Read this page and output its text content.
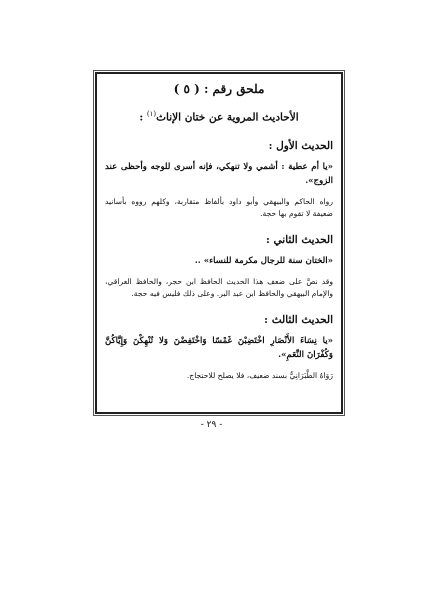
ملحق رقم : ( ٥ )
الأحاديث المروية عن ختان الإناث$^{(١)}$ :
الحديث الأول :
«يا أم عطية : أشمي ولا تنهكي، فإنه أسرى للوجه وأحظى عند الزوج».
رواه الحاكم والبيهقي وأبو داود بألفاظ متقاربة، وكلهم رووه بأسانيد ضعيفة لا تقوم بها حجة.
الحديث الثاني :
«الختان سنة للرجال مكرمة للنساء» ..
وقد نصَّ على ضعف هذا الحديث الحافظ ابن حجر، والحافظ العراقي، والإمام البيهقي والحافظ ابن عبد البر. وعلى ذلك فليس فيه حجة.
الحديث الثالث :
«يا نِسَاءَ الأَنْصَارِ اخْتَضِبْنَ غَمْسًا وَاخْتَفِضْنَ وَلا تُنْهِكْنَ وَإِيَّاكُنَّ وَكُفْرَانَ النِّعَمِ».
رَوَاهُ الطَّبَرَانِيُّ بسند ضعيف، فلا يصلح للاحتجاج.
- ٢٩ -
